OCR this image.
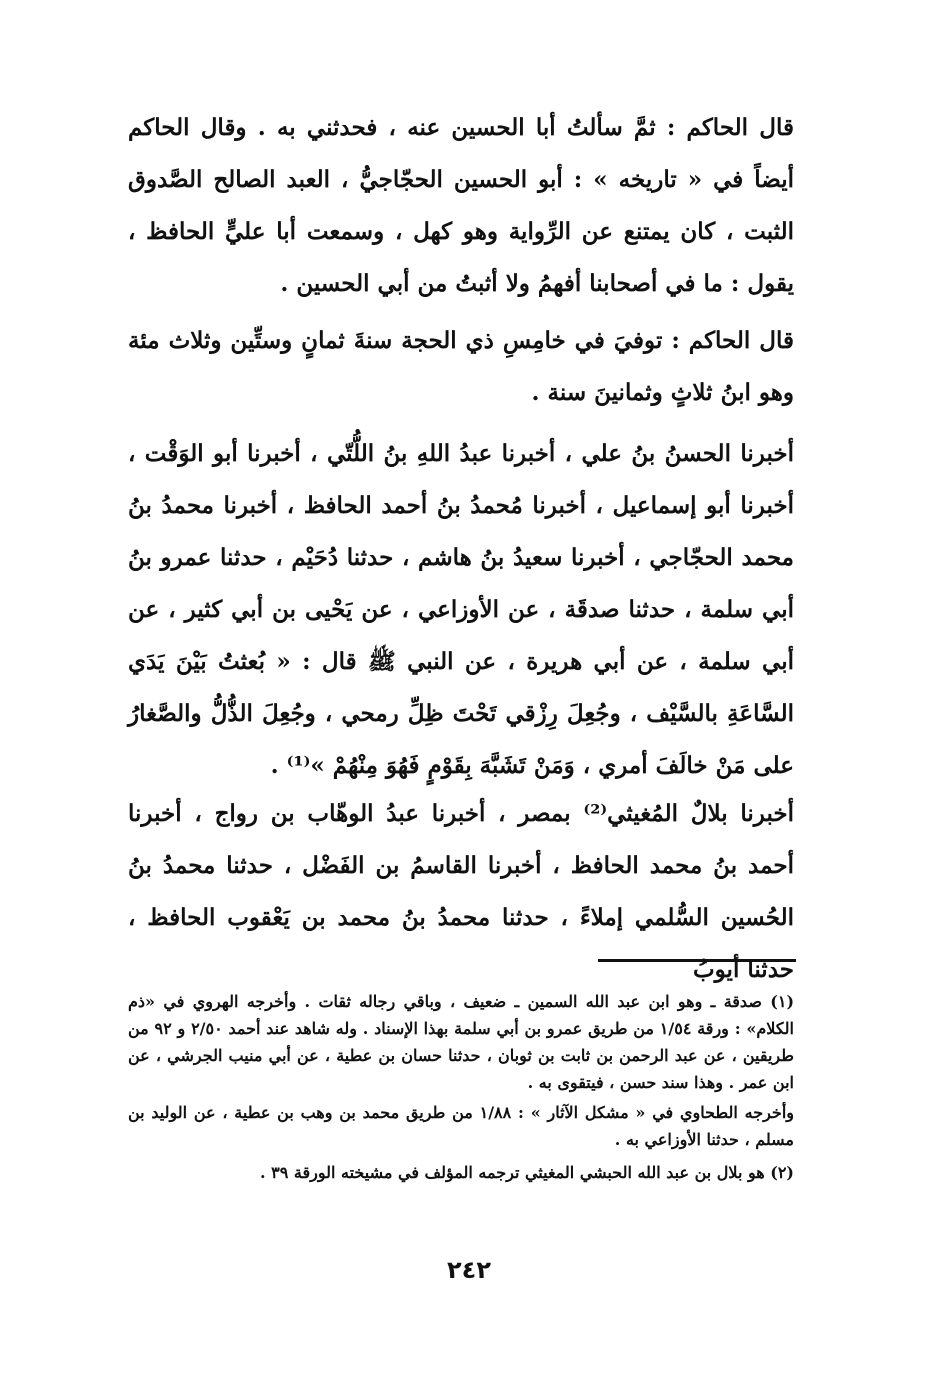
قال الحاكم : ثمَّ سألتُ أبا الحسين عنه ، فحدثني به . وقال الحاكم أيضاً في « تاريخه » : أبو الحسين الحجّاجيُّ ، العبد الصالح الصَّدوق الثبت ، كان يمتنع عن الرِّواية وهو كهل ، وسمعت أبا عليٍّ الحافظ ، يقول : ما في أصحابنا أفهمُ ولا أثبتُ من أبي الحسين .

قال الحاكم : توفيَ في خامِسِ ذي الحجة سنةَ ثمانٍ وستِّين وثلاث مئة وهو ابنُ ثلاثٍ وثمانينَ سنة .

أخبرنا الحسنُ بنُ علي ، أخبرنا عبدُ اللهِ بنُ اللُّتّي ، أخبرنا أبو الوَقْت ، أخبرنا أبو إسماعيل ، أخبرنا مُحمدُ بنُ أحمد الحافظ ، أخبرنا محمدُ بنُ محمد الحجّاجي ، أخبرنا سعيدُ بنُ هاشم ، حدثنا دُحَيْم ، حدثنا عمرو بنُ أبي سلمة ، حدثنا صدقَة ، عن الأوزاعي ، عن يَحْيى بن أبي كثير ، عن أبي سلمة ، عن أبي هريرة ، عن النبي ﷺ قال : « بُعثتُ بَيْنَ يَدَي السَّاعَةِ بالسَّيْف ، وجُعِلَ رِزْقي تَحْتَ ظِلِّ رمحي ، وجُعِلَ الذُّلُّ والصَّغارُ على مَنْ خالَفَ أمري ، وَمَنْ تَشَبَّهَ بِقَوْمٍ فَهُوَ مِنْهُمْ »⁽¹⁾ .

أخبرنا بلالٌ المُغيثي⁽²⁾ بمصر ، أخبرنا عبدُ الوهّاب بن رواج ، أخبرنا أحمد بنُ محمد الحافظ ، أخبرنا القاسمُ بن الفَضْل ، حدثنا محمدُ بنُ الحُسين السُّلمي إملاءً ، حدثنا محمدُ بنُ محمد بن يَعْقوب الحافظ ، حدثنا أيوبُ

(١) صدقة ـ وهو ابن عبد الله السمين ـ ضعيف ، وباقي رجاله ثقات . وأخرجه الهروي في «ذم الكلام» : ورقة ١/٥٤ من طريق عمرو بن أبي سلمة بهذا الإسناد . وله شاهد عند أحمد ٢/٥٠ و ٩٢ من طريقين ، عن عبد الرحمن بن ثابت بن ثوبان ، حدثنا حسان بن عطية ، عن أبي منيب الجرشي ، عن ابن عمر . وهذا سند حسن ، فيتقوى به .

وأخرجه الطحاوي في « مشكل الآثار » : ١/٨٨ من طريق محمد بن وهب بن عطية ، عن الوليد بن مسلم ، حدثنا الأوزاعي به .

(٢) هو بلال بن عبد الله الحبشي المغيثي ترجمه المؤلف في مشيخته الورقة ٣٩ .

٢٤٢
